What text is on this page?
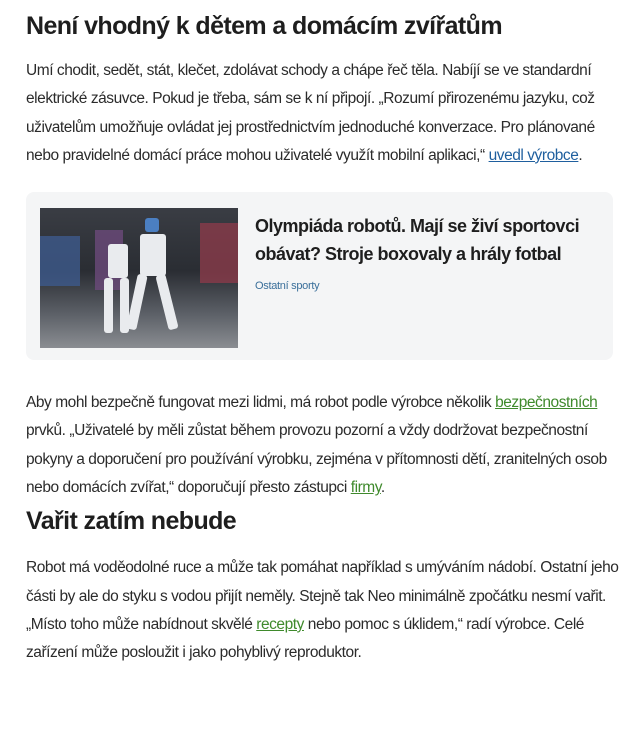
Není vhodný k dětem a domácím zvířatům

Umí chodit, sedět, stát, klečet, zdolávat schody a chápe řeč těla. Nabíjí se ve standardní elektrické zásuvce. Pokud je třeba, sám se k ní připojí. „Rozumí přirozenému jazyku, což uživatelům umožňuje ovládat jej prostřednictvím jednoduché konverzace. Pro plánované nebo pravidelné domácí práce mohou uživatelé využít mobilní aplikaci,“ uvedl výrobce.

Olympiáda robotů. Mají se živí sportovci obávat? Stroje boxovaly a hrály fotbal
Ostatní sporty

Aby mohl bezpečně fungovat mezi lidmi, má robot podle výrobce několik bezpečnostních prvků. „Uživatelé by měli zůstat během provozu pozorní a vždy dodržovat bezpečnostní pokyny a doporučení pro používání výrobku, zejména v přítomnosti dětí, zranitelných osob nebo domácích zvířat,“ doporučují přesto zástupci firmy.

Vařit zatím nebude

Robot má voděodolné ruce a může tak pomáhat například s umýváním nádobí. Ostatní jeho části by ale do styku s vodou přijít neměly. Stejně tak Neo minimálně zpočátku nesmí vařit. „Místo toho může nabídnout skvělé recepty nebo pomoc s úklidem,“ radí výrobce. Celé zařízení může posloužit i jako pohyblivý reproduktor.
